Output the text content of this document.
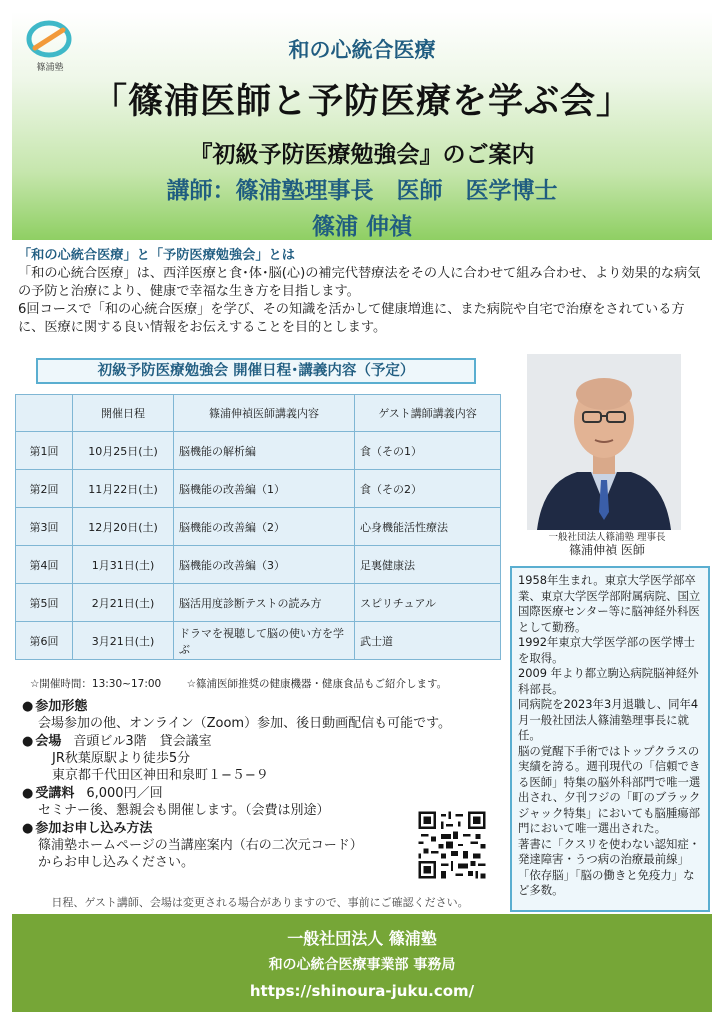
篠浦塾
和の心統合医療
「篠浦医師と予防医療を学ぶ会」
『初級予防医療勉強会』のご案内
講師：篠浦塾理事長　医師　医学博士
篠浦 伸禎

「和の心統合医療」と「予防医療勉強会」とは

「和の心統合医療」は、西洋医療と食･体･脳(心)の補完代替療法をその人に合わせて組み合わせ、より効果的な病気の予防と治療により、健康で幸福な生き方を目指します。

6回コースで「和の心統合医療」を学び、その知識を活かして健康増進に、また病院や自宅で治療をされている方に、医療に関する良い情報をお伝えすることを目的とします。

初級予防医療勉強会 開催日程･講義内容（予定）
	開催日程	篠浦伸禎医師講義内容	ゲスト講師講義内容
第1回	10月25日(土)	脳機能の解析編	食（その1）
第2回	11月22日(土)	脳機能の改善編（1）	食（その2）
第3回	12月20日(土)	脳機能の改善編（2）	心身機能活性療法
第4回	1月31日(土)	脳機能の改善編（3）	足裏健康法
第5回	2月21日(土)	脳活用度診断テストの読み方	スピリチュアル
第6回	3月21日(土)	ドラマを視聴して脳の使い方を学ぶ	武士道
☆開催時間：13:30~17:00 ☆篠浦医師推奨の健康機器・健康食品もご紹介します。
● 参加形態
会場参加の他、オンライン（Zoom）参加、後日動画配信も可能です。
● 会場 音頭ビル3階　貸会議室
JR秋葉原駅より徒歩5分
東京都千代田区神田和泉町１−５−９
● 受講料 6,000円／回
セミナー後、懇親会も開催します。（会費は別途）
● 参加お申し込み方法
篠浦塾ホームページの当講座案内（右の二次元コード）
からお申し込みください。
日程、ゲスト講師、会場は変更される場合がありますので、事前にご確認ください。
一般社団法人篠浦塾 理事長
篠浦伸禎 医師

1958年生まれ。東京大学医学部卒業、東京大学医学部附属病院、国立国際医療センター等に脳神経外科医として勤務。

1992年東京大学医学部の医学博士を取得。

2009 年より都立駒込病院脳神経外科部長。

同病院を2023年3月退職し、同年4月一般社団法人篠浦塾理事長に就任。

脳の覚醒下手術ではトップクラスの実績を誇る。週刊現代の「信頼できる医師」特集の脳外科部門で唯一選出され、夕刊フジの「町のブラックジャック特集」においても脳腫瘍部門において唯一選出された。

著書に「クスリを使わない認知症・発達障害・うつ病の治療最前線」「依存脳」「脳の働きと免疫力」など多数。

一般社団法人 篠浦塾
和の心統合医療事業部 事務局
https://shinoura-juku.com/
